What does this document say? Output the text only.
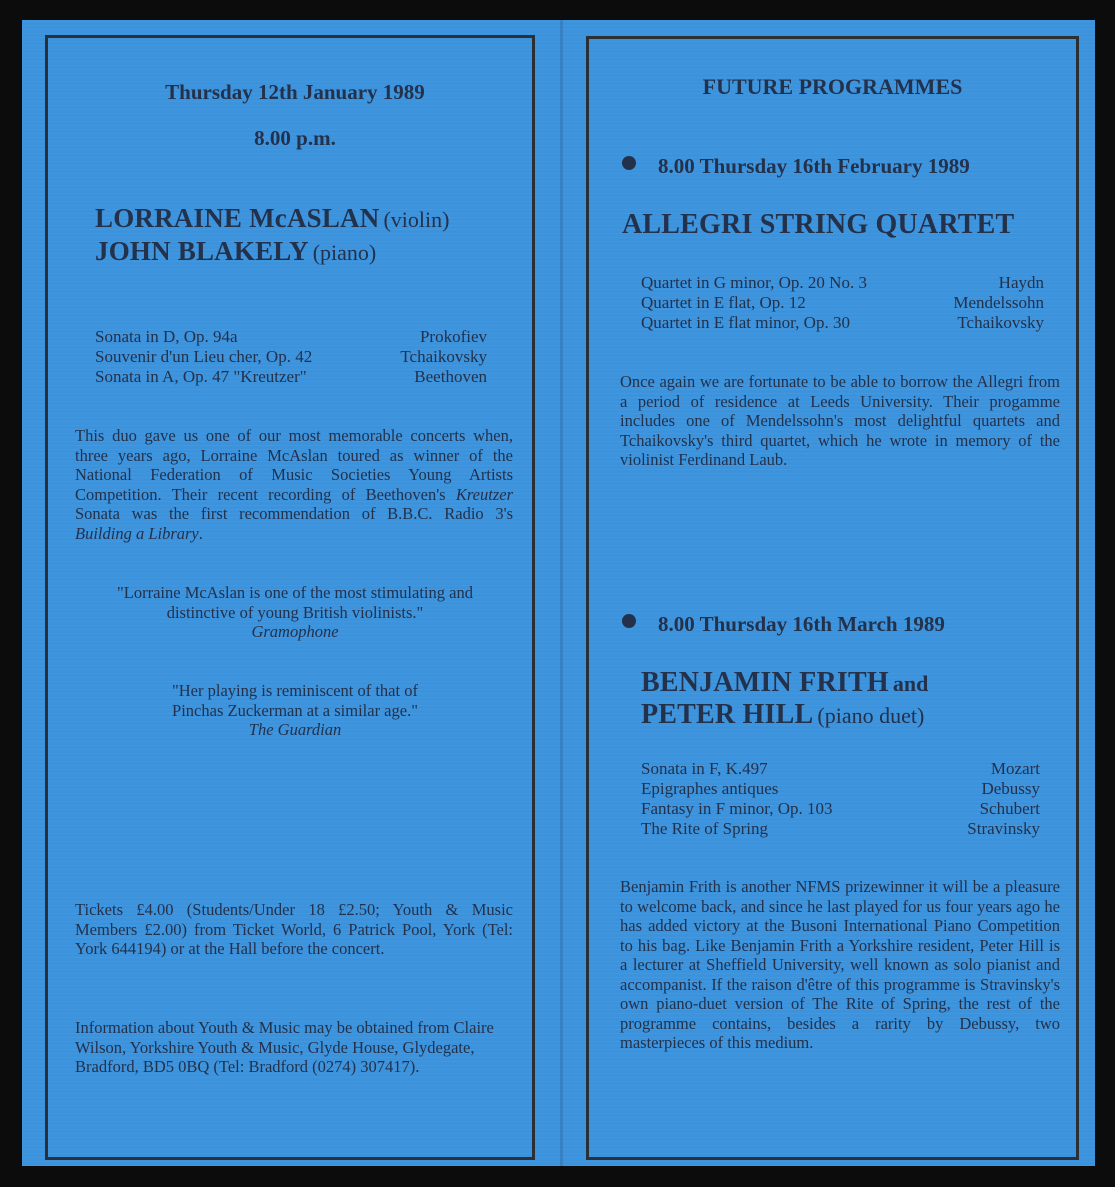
Thursday 12th January 1989

8.00 p.m.

LORRAINE McASLAN (violin)
JOHN BLAKELY (piano)
Sonata in D, Op. 94a	Prokofiev
Souvenir d'un Lieu cher, Op. 42	Tchaikovsky
Sonata in A, Op. 47 "Kreutzer"	Beethoven

This duo gave us one of our most memorable concerts when, three years ago, Lorraine McAslan toured as winner of the National Federation of Music Societies Young Artists Competition. Their recent recording of Beethoven's Kreutzer Sonata was the first recommendation of B.B.C. Radio 3's Building a Library.

"Lorraine McAslan is one of the most stimulating and distinctive of young British violinists."
Gramophone
"Her playing is reminiscent of that of Pinchas Zuckerman at a similar age."
The Guardian

Tickets £4.00 (Students/Under 18 £2.50; Youth & Music Members £2.00) from Ticket World, 6 Patrick Pool, York (Tel: York 644194) or at the Hall before the concert.

Information about Youth & Music may be obtained from Claire Wilson, Yorkshire Youth & Music, Glyde House, Glydegate, Bradford, BD5 0BQ (Tel: Bradford (0274) 307417).

FUTURE PROGRAMMES

8.00 Thursday 16th February 1989

ALLEGRI STRING QUARTET

Quartet in G minor, Op. 20 No. 3	Haydn
Quartet in E flat, Op. 12	Mendelssohn
Quartet in E flat minor, Op. 30	Tchaikovsky

Once again we are fortunate to be able to borrow the Allegri from a period of residence at Leeds University. Their progamme includes one of Mendelssohn's most delightful quartets and Tchaikovsky's third quartet, which he wrote in memory of the violinist Ferdinand Laub.

8.00 Thursday 16th March 1989

BENJAMIN FRITH and
PETER HILL (piano duet)
Sonata in F, K.497	Mozart
Epigraphes antiques	Debussy
Fantasy in F minor, Op. 103	Schubert
The Rite of Spring	Stravinsky

Benjamin Frith is another NFMS prizewinner it will be a pleasure to welcome back, and since he last played for us four years ago he has added victory at the Busoni International Piano Competition to his bag. Like Benjamin Frith a Yorkshire resident, Peter Hill is a lecturer at Sheffield University, well known as solo pianist and accompanist. If the raison d'être of this programme is Stravinsky's own piano-duet version of The Rite of Spring, the rest of the programme contains, besides a rarity by Debussy, two masterpieces of this medium.
